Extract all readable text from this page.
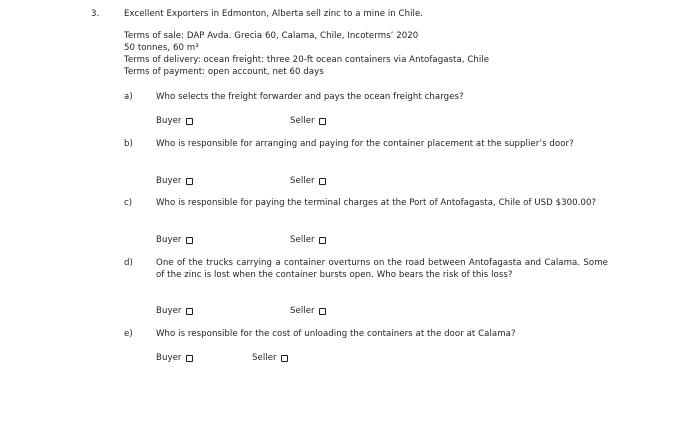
3.	Excellent Exporters in Edmonton, Alberta sell zinc to a mine in Chile.
Terms of sale: DAP Avda. Grecia 60, Calama, Chile, Incoterms’ 2020
50 tonnes, 60 m³
Terms of delivery: ocean freight: three 20-ft ocean containers via Antofagasta, Chile
Terms of payment: open account, net 60 days
a)	Who selects the freight forwarder and pays the ocean freight charges?
Buyer	Seller
b)	Who is responsible for arranging and paying for the container placement at the supplier’s door?
Buyer	Seller
c)	Who is responsible for paying the terminal charges at the Port of Antofagasta, Chile of USD $300.00?
Buyer	Seller
d)	One of the trucks carrying a container overturns on the road between Antofagasta and Calama. Some of the zinc is lost when the container bursts open. Who bears the risk of this loss?
Buyer	Seller
e)	Who is responsible for the cost of unloading the containers at the door at Calama?
Buyer	Seller
